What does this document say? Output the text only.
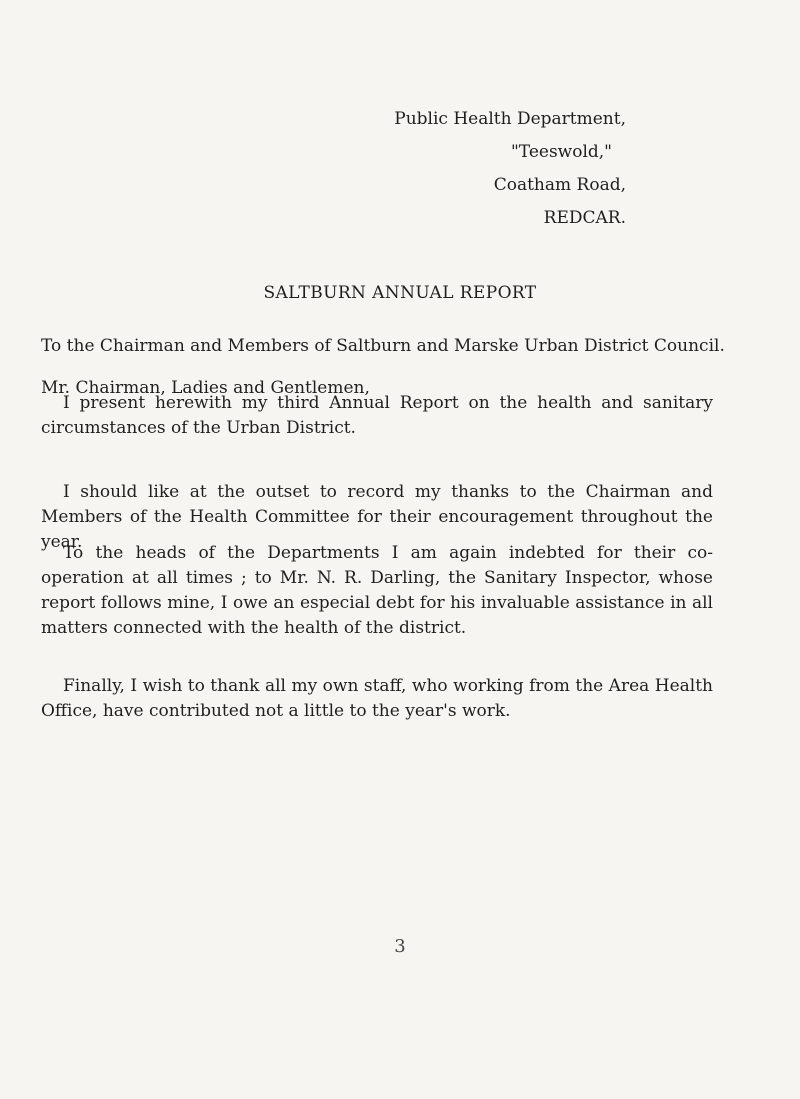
Public Health Department,
"Teeswold,"
Coatham Road,
REDCAR.
SALTBURN ANNUAL REPORT
To the Chairman and Members of Saltburn and Marske Urban District Council.
Mr. Chairman, Ladies and Gentlemen,

I present herewith my third Annual Report on the health and sanitary circumstances of the Urban District.

I should like at the outset to record my thanks to the Chairman and Members of the Health Committee for their encouragement throughout the year.

To the heads of the Departments I am again indebted for their co-operation at all times ; to Mr. N. R. Darling, the Sanitary Inspector, whose report follows mine, I owe an especial debt for his invaluable assistance in all matters connected with the health of the district.

Finally, I wish to thank all my own staff, who working from the Area Health Office, have contributed not a little to the year's work.

3
